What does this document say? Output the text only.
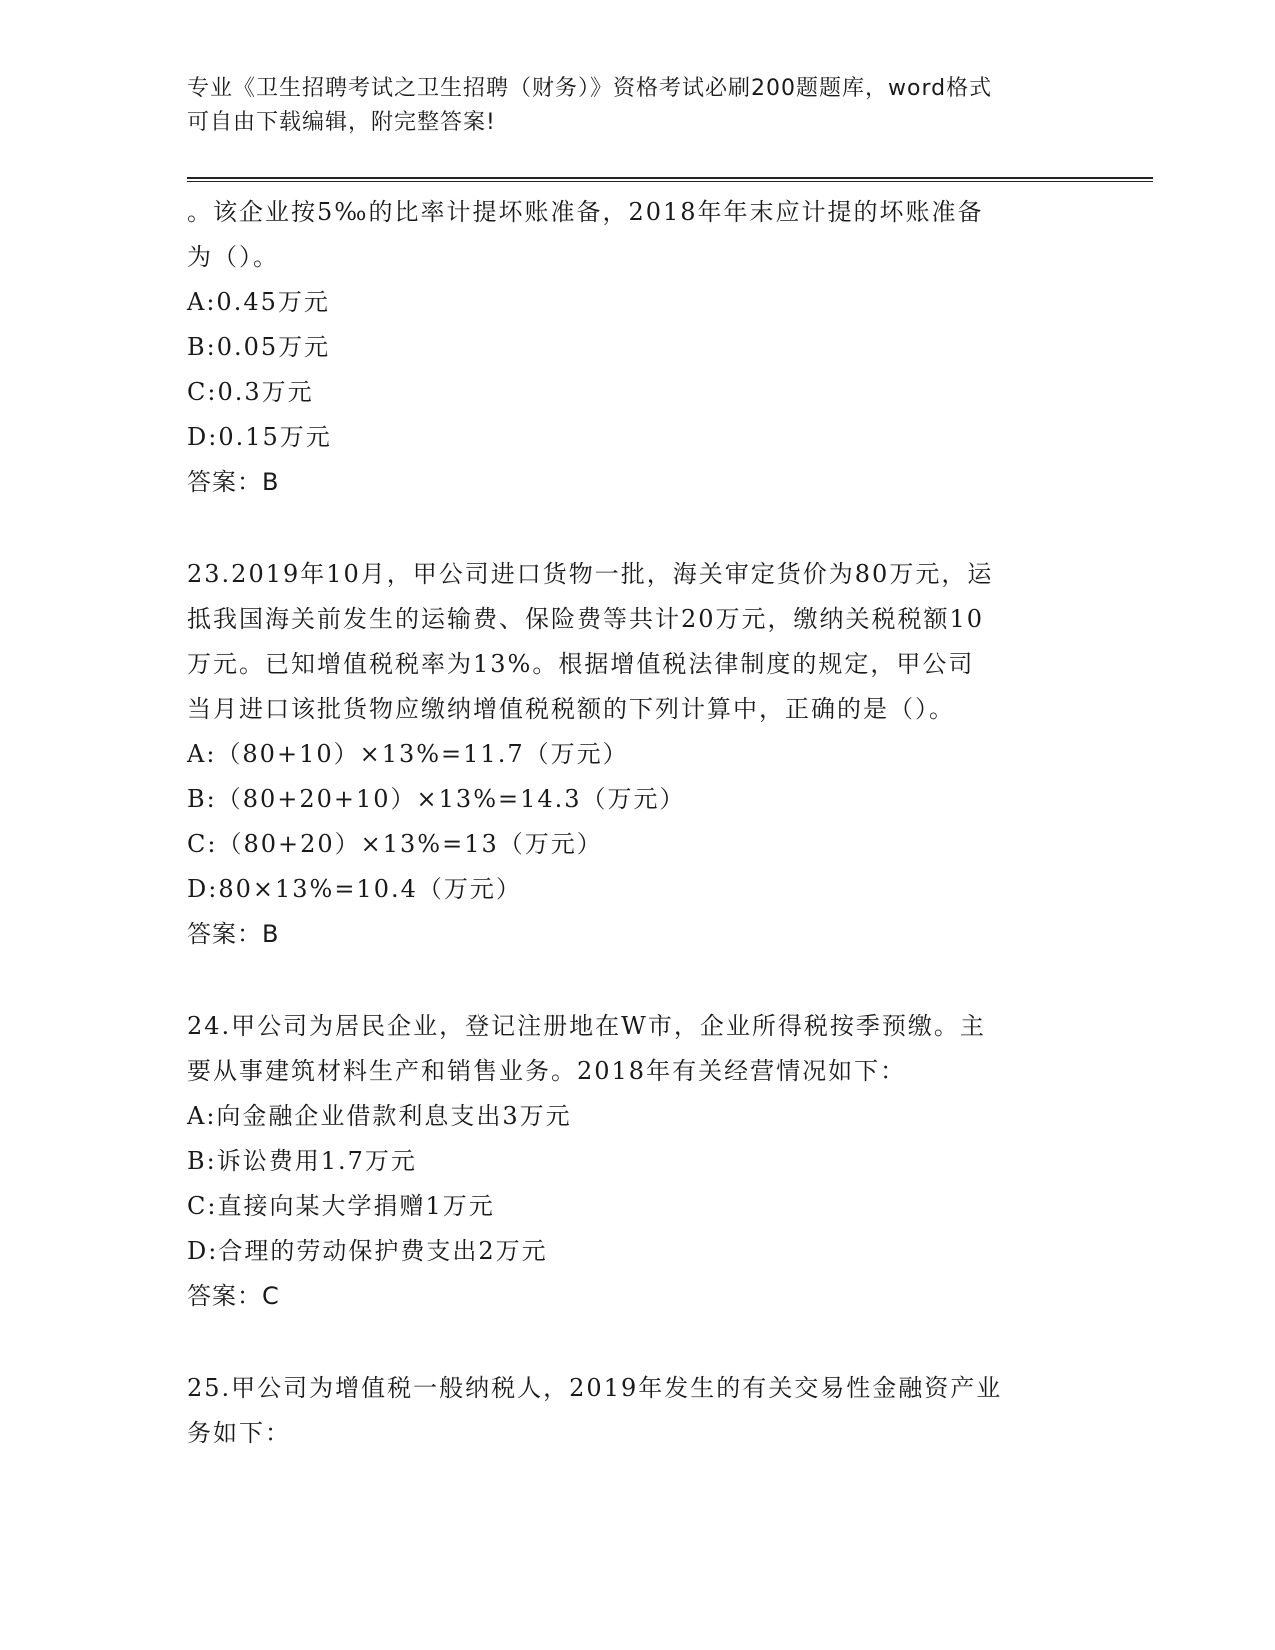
专业《卫生招聘考试之卫生招聘（财务）》资格考试必刷200题题库，word格式
可自由下载编辑，附完整答案!
。该企业按5‰的比率计提坏账准备，2018年年末应计提的坏账准备
为（）。
A:0.45万元
B:0.05万元
C:0.3万元
D:0.15万元
答案：B
23.2019年10月，甲公司进口货物一批，海关审定货价为80万元，运
抵我国海关前发生的运输费、保险费等共计20万元，缴纳关税税额10
万元。已知增值税税率为13%。根据增值税法律制度的规定，甲公司
当月进口该批货物应缴纳增值税税额的下列计算中，正确的是（）。
A:（80+10）×13%=11.7（万元）
B:（80+20+10）×13%=14.3（万元）
C:（80+20）×13%=13（万元）
D:80×13%=10.4（万元）
答案：B
24.甲公司为居民企业，登记注册地在W市，企业所得税按季预缴。主
要从事建筑材料生产和销售业务。2018年有关经营情况如下：
A:向金融企业借款利息支出3万元
B:诉讼费用1.7万元
C:直接向某大学捐赠1万元
D:合理的劳动保护费支出2万元
答案：C
25.甲公司为增值税一般纳税人，2019年发生的有关交易性金融资产业
务如下：
